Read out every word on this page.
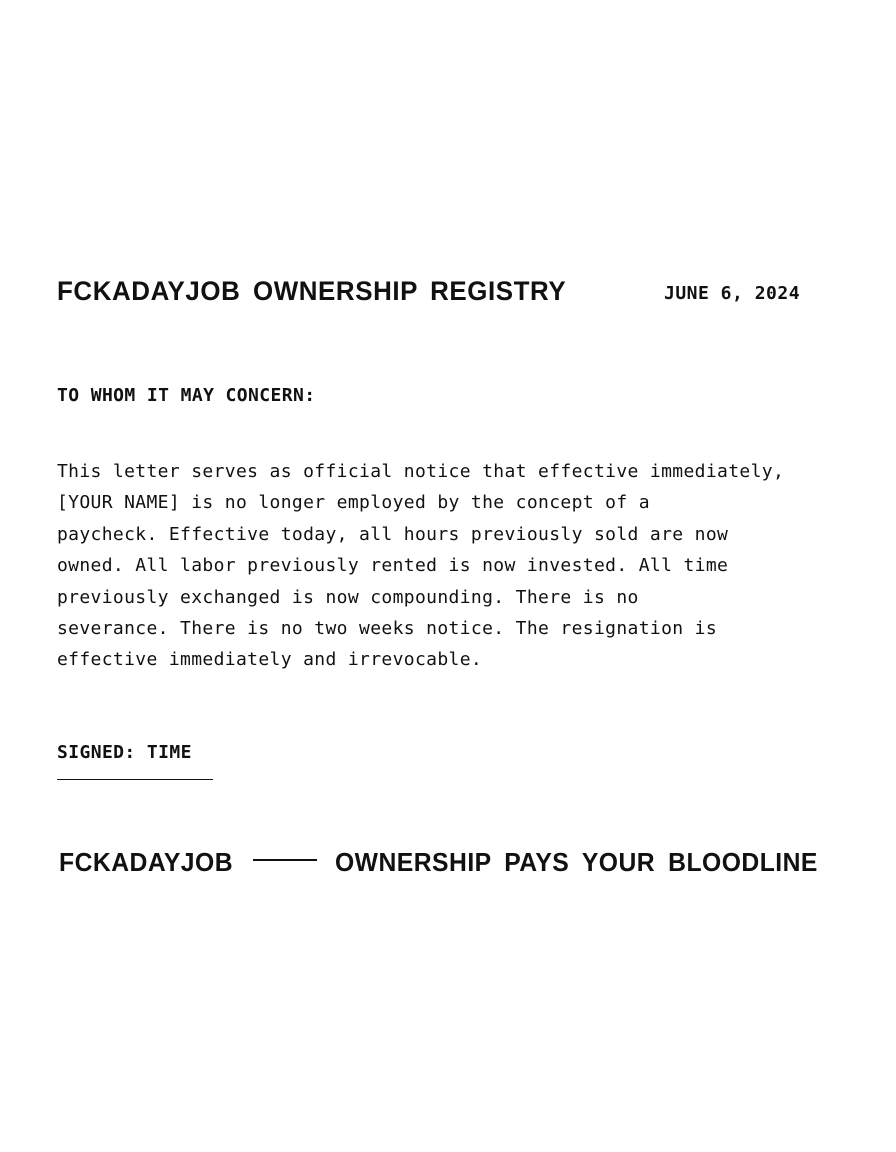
FCKADAYJOB OWNERSHIP REGISTRY	JUNE 6, 2024
TO WHOM IT MAY CONCERN:
This letter serves as official notice that effective immediately,
[YOUR NAME] is no longer employed by the concept of a
paycheck. Effective today, all hours previously sold are now
owned. All labor previously rented is now invested. All time
previously exchanged is now compounding. There is no
severance. There is no two weeks notice. The resignation is
effective immediately and irrevocable.
SIGNED: TIME
FCKADAYJOB	OWNERSHIP PAYS YOUR BLOODLINE
